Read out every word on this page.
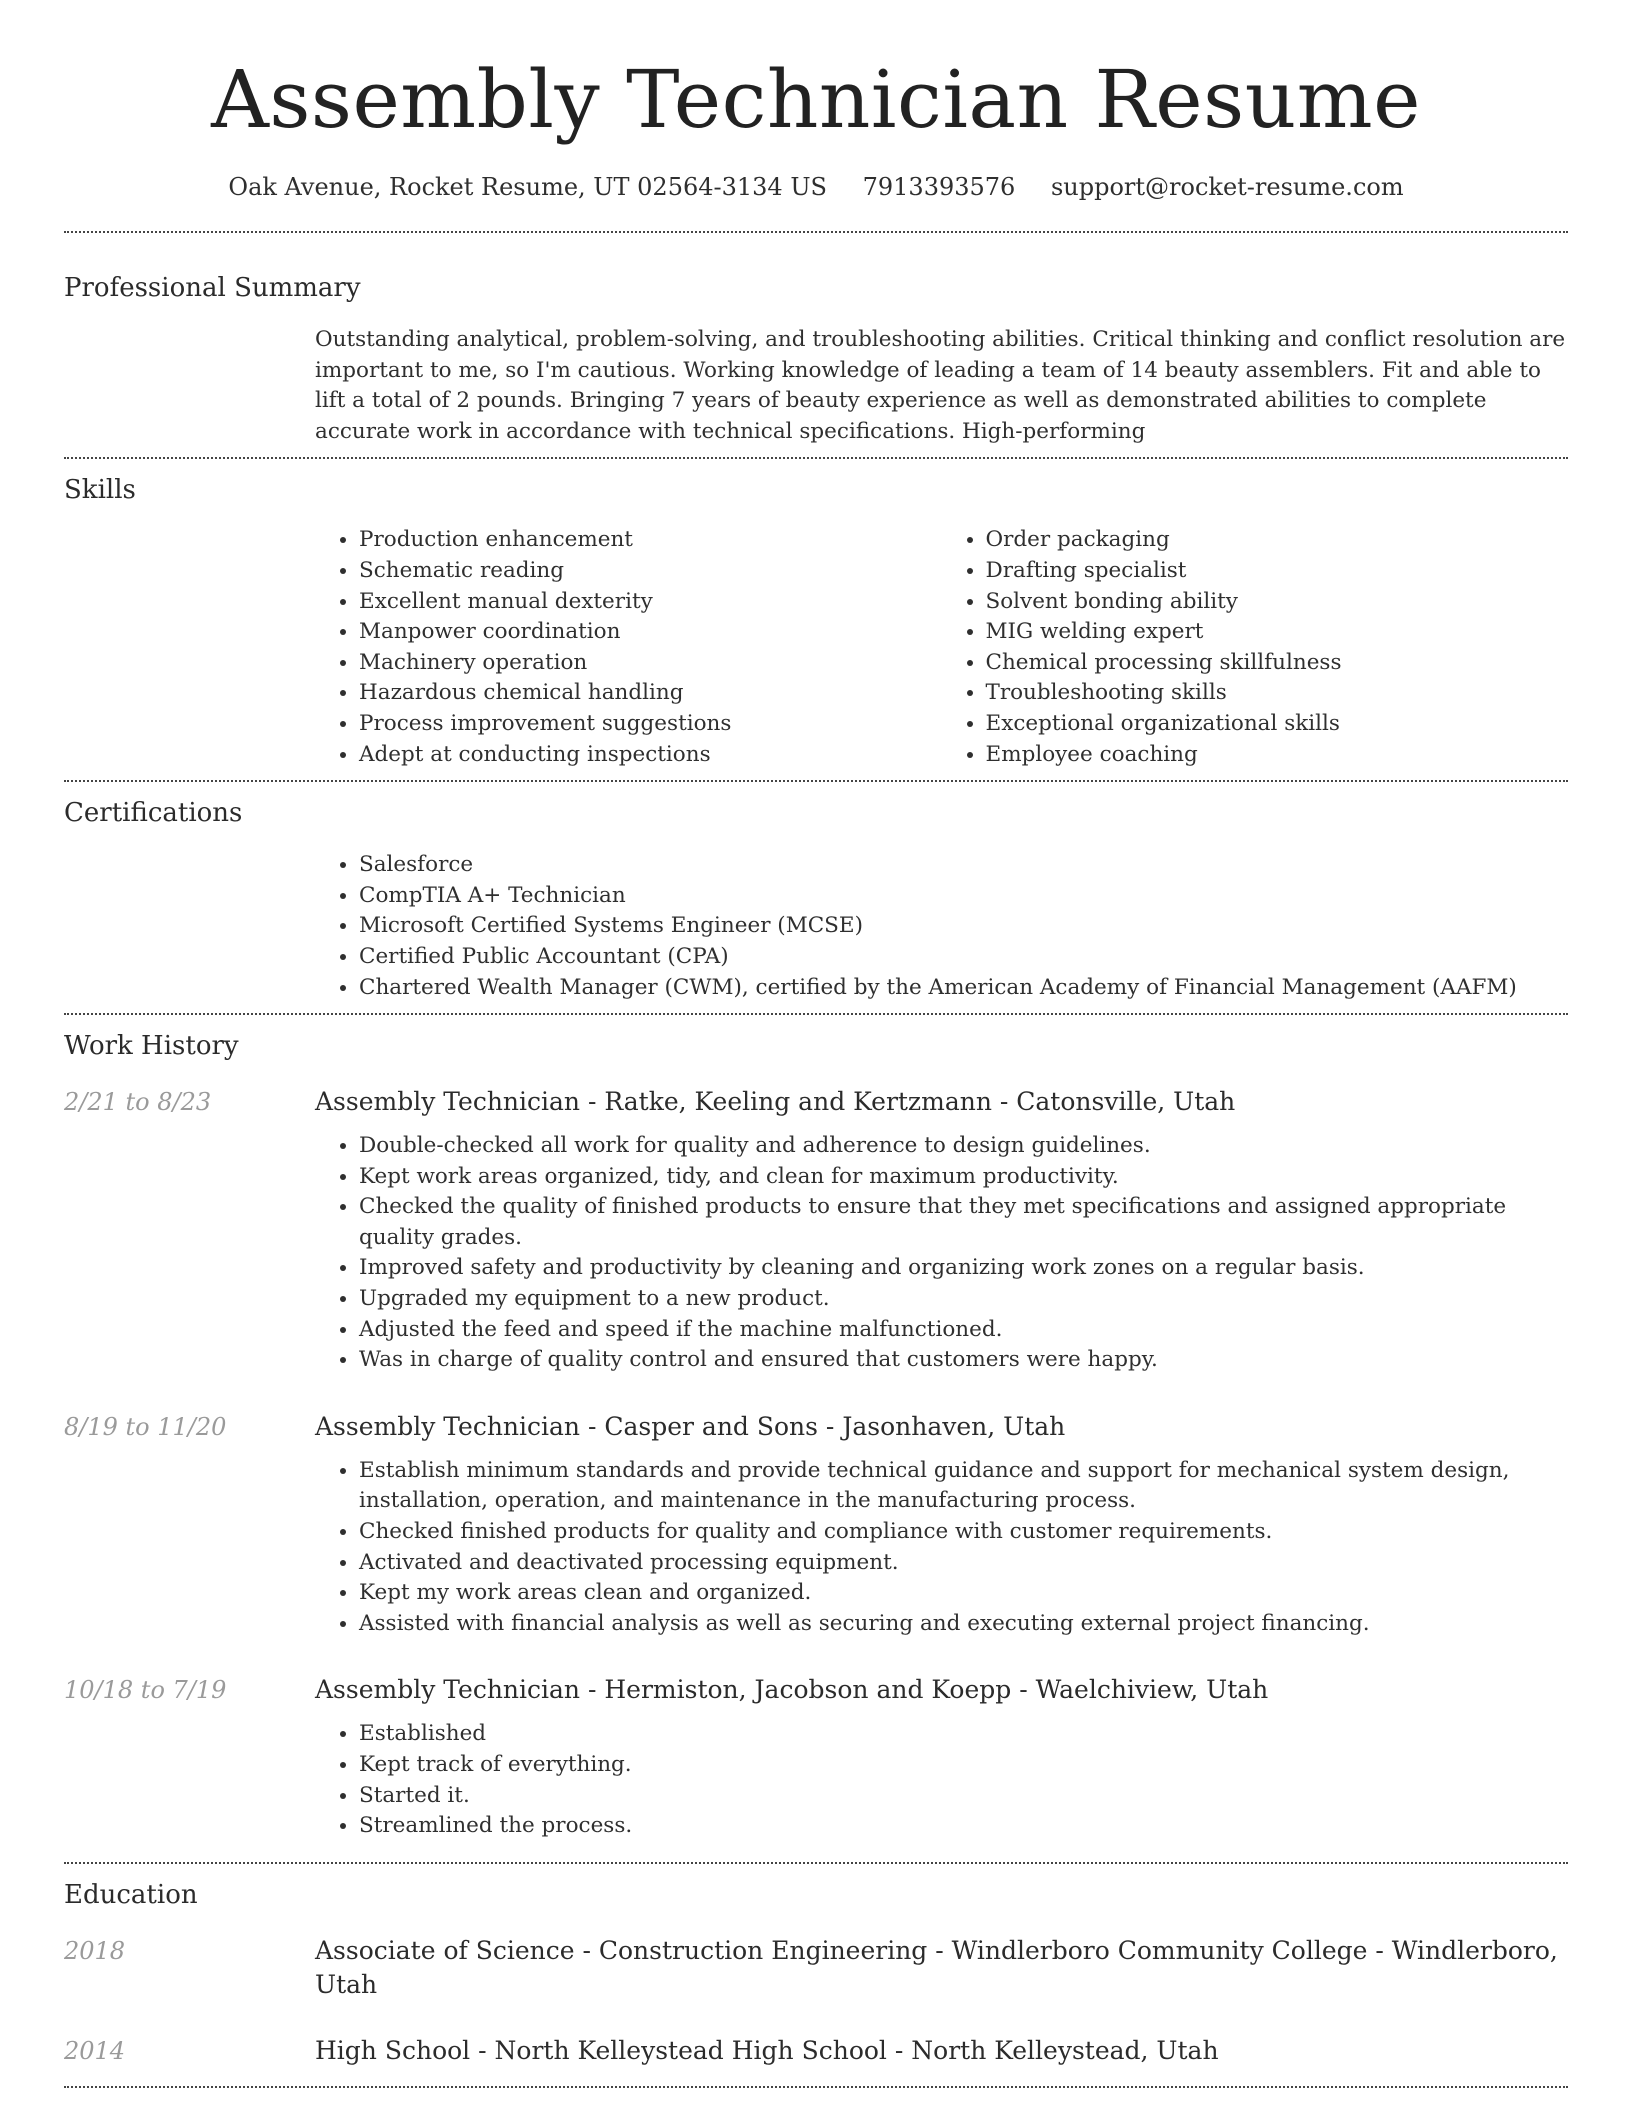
Assembly Technician Resume
Oak Avenue, Rocket Resume, UT 02564-3134 US 7913393576 support@rocket-resume.com
Professional Summary

Outstanding analytical, problem-solving, and troubleshooting abilities. Critical thinking and conflict resolution are important to me, so I'm cautious. Working knowledge of leading a team of 14 beauty assemblers. Fit and able to lift a total of 2 pounds. Bringing 7 years of beauty experience as well as demonstrated abilities to complete accurate work in accordance with technical specifications. High-performing

Skills
• Production enhancement
• Schematic reading
• Excellent manual dexterity
• Manpower coordination
• Machinery operation
• Hazardous chemical handling
• Process improvement suggestions
• Adept at conducting inspections
• Order packaging
• Drafting specialist
• Solvent bonding ability
• MIG welding expert
• Chemical processing skillfulness
• Troubleshooting skills
• Exceptional organizational skills
• Employee coaching
Certifications
• Salesforce
• CompTIA A+ Technician
• Microsoft Certified Systems Engineer (MCSE)
• Certified Public Accountant (CPA)
• Chartered Wealth Manager (CWM), certified by the American Academy of Financial Management (AAFM)
Work History
2/21 to 8/23	Assembly Technician - Ratke, Keeling and Kertzmann - Catonsville, Utah
• Double-checked all work for quality and adherence to design guidelines.
• Kept work areas organized, tidy, and clean for maximum productivity.
• Checked the quality of finished products to ensure that they met specifications and assigned appropriate quality grades.
• Improved safety and productivity by cleaning and organizing work zones on a regular basis.
• Upgraded my equipment to a new product.
• Adjusted the feed and speed if the machine malfunctioned.
• Was in charge of quality control and ensured that customers were happy.
8/19 to 11/20	Assembly Technician - Casper and Sons - Jasonhaven, Utah
• Establish minimum standards and provide technical guidance and support for mechanical system design, installation, operation, and maintenance in the manufacturing process.
• Checked finished products for quality and compliance with customer requirements.
• Activated and deactivated processing equipment.
• Kept my work areas clean and organized.
• Assisted with financial analysis as well as securing and executing external project financing.
10/18 to 7/19	Assembly Technician - Hermiston, Jacobson and Koepp - Waelchiview, Utah
• Established
• Kept track of everything.
• Started it.
• Streamlined the process.
Education
2018	Associate of Science - Construction Engineering - Windlerboro Community College - Windlerboro, Utah
2014	High School - North Kelleystead High School - North Kelleystead, Utah
